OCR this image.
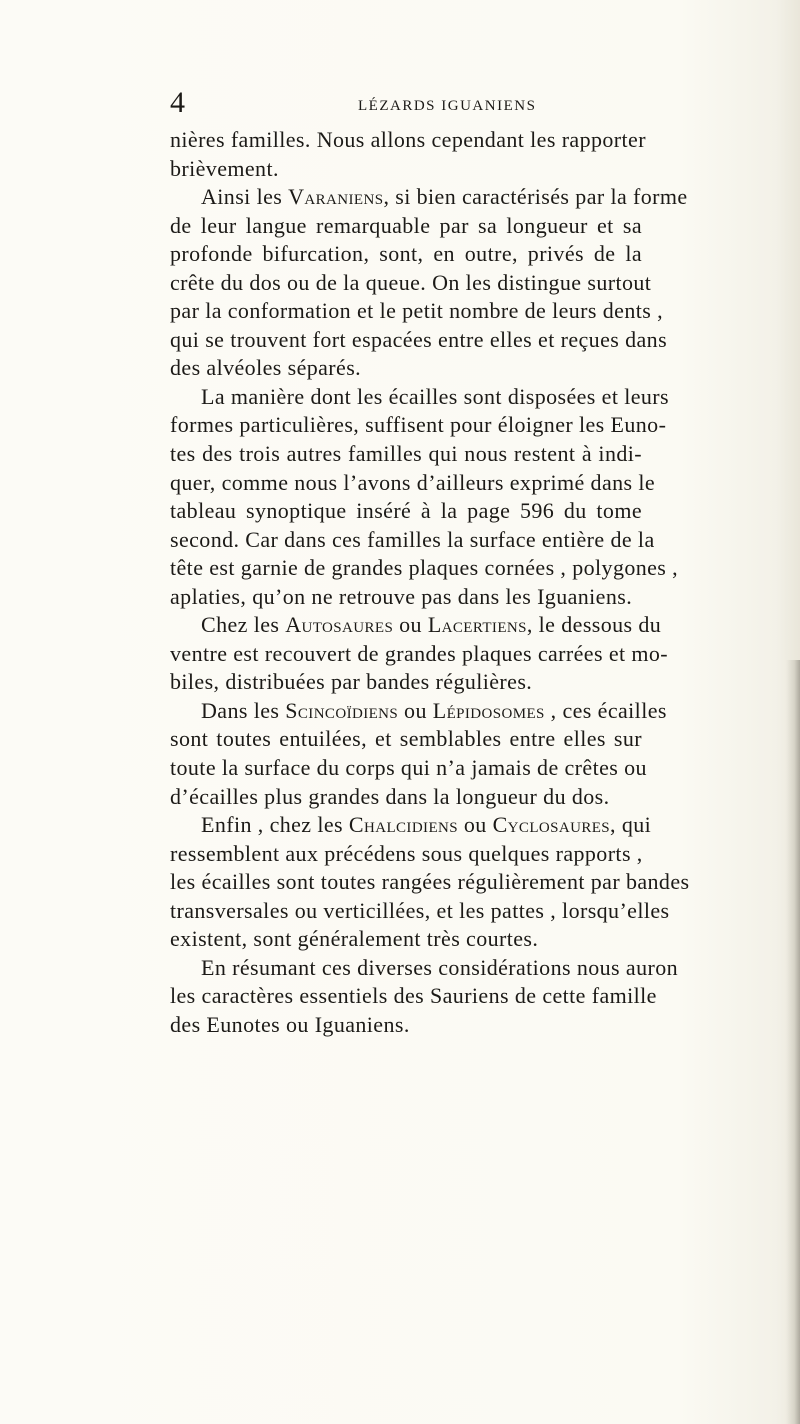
4	LÉZARDS IGUANIENS
nières familles. Nous allons cependant les rapporter
brièvement.
Ainsi les Varaniens, si bien caractérisés par la forme
de leur langue remarquable par sa longueur et sa
profonde bifurcation, sont, en outre, privés de la
crête du dos ou de la queue. On les distingue surtout
par la conformation et le petit nombre de leurs dents ,
qui se trouvent fort espacées entre elles et reçues dans
des alvéoles séparés.
La manière dont les écailles sont disposées et leurs
formes particulières, suffisent pour éloigner les Euno-
tes des trois autres familles qui nous restent à indi-
quer, comme nous l’avons d’ailleurs exprimé dans le
tableau synoptique inséré à la page 596 du tome
second. Car dans ces familles la surface entière de la
tête est garnie de grandes plaques cornées , polygones ,
aplaties, qu’on ne retrouve pas dans les Iguaniens.
Chez les Autosaures ou Lacertiens, le dessous du
ventre est recouvert de grandes plaques carrées et mo-
biles, distribuées par bandes régulières.
Dans les Scincoïdiens ou Lépidosomes , ces écailles
sont toutes entuilées, et semblables entre elles sur
toute la surface du corps qui n’a jamais de crêtes ou
d’écailles plus grandes dans la longueur du dos.
Enfin , chez les Chalcidiens ou Cyclosaures, qui
ressemblent aux précédens sous quelques rapports ,
les écailles sont toutes rangées régulièrement par bandes
transversales ou verticillées, et les pattes , lorsqu’elles
existent, sont généralement très courtes.
En résumant ces diverses considérations nous auron
les caractères essentiels des Sauriens de cette famille
des Eunotes ou Iguaniens.
